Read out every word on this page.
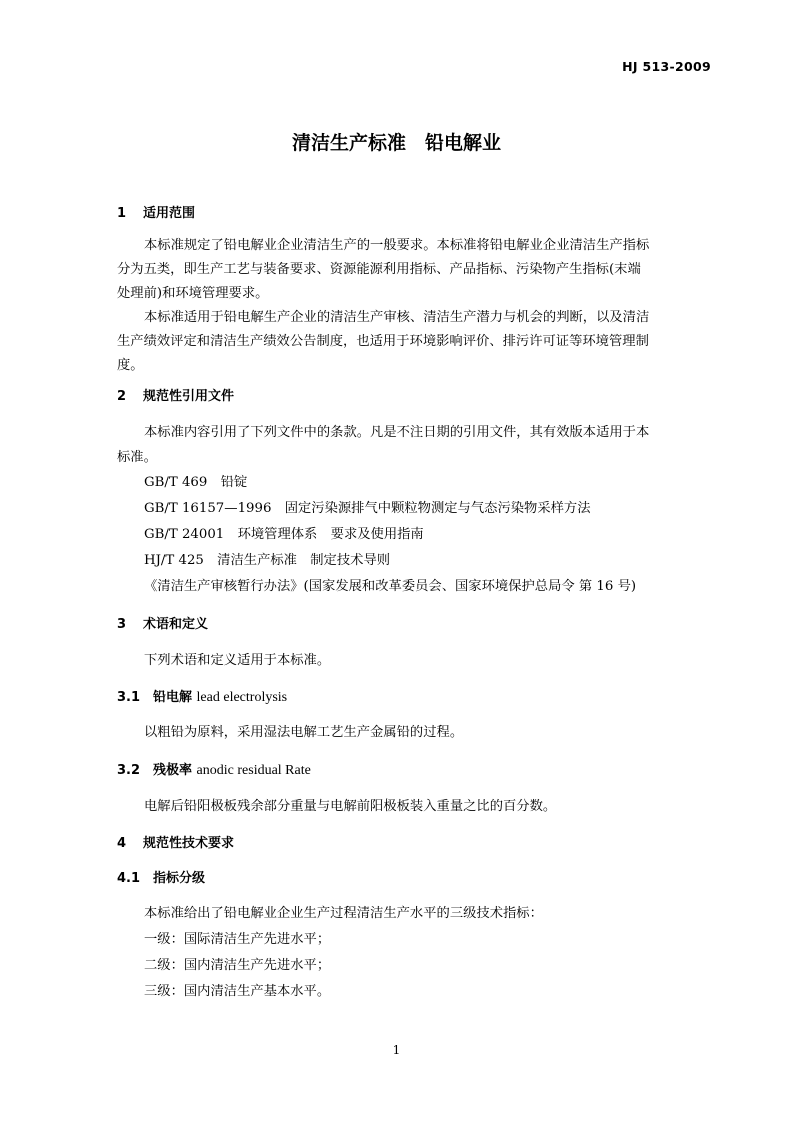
HJ 513-2009
清洁生产标准　铅电解业
1 适用范围
本标准规定了铅电解业企业清洁生产的一般要求。本标准将铅电解业企业清洁生产指标
分为五类，即生产工艺与装备要求、资源能源利用指标、产品指标、污染物产生指标(末端
处理前)和环境管理要求。
本标准适用于铅电解生产企业的清洁生产审核、清洁生产潜力与机会的判断，以及清洁
生产绩效评定和清洁生产绩效公告制度，也适用于环境影响评价、排污许可证等环境管理制
度。
2 规范性引用文件
本标准内容引用了下列文件中的条款。凡是不注日期的引用文件，其有效版本适用于本
标准。
GB/T 469　铅锭
GB/T 16157—1996　固定污染源排气中颗粒物测定与气态污染物采样方法
GB/T 24001　环境管理体系　要求及使用指南
HJ/T 425　清洁生产标准　制定技术导则
《清洁生产审核暂行办法》(国家发展和改革委员会、国家环境保护总局令 第 16 号)
3 术语和定义
下列术语和定义适用于本标准。
3.1 铅电解 lead electrolysis
以粗铅为原料，采用湿法电解工艺生产金属铅的过程。
3.2 残极率 anodic residual Rate
电解后铅阳极板残余部分重量与电解前阳极板装入重量之比的百分数。
4 规范性技术要求
4.1 指标分级
本标准给出了铅电解业企业生产过程清洁生产水平的三级技术指标：
一级：国际清洁生产先进水平；
二级：国内清洁生产先进水平；
三级：国内清洁生产基本水平。
1
